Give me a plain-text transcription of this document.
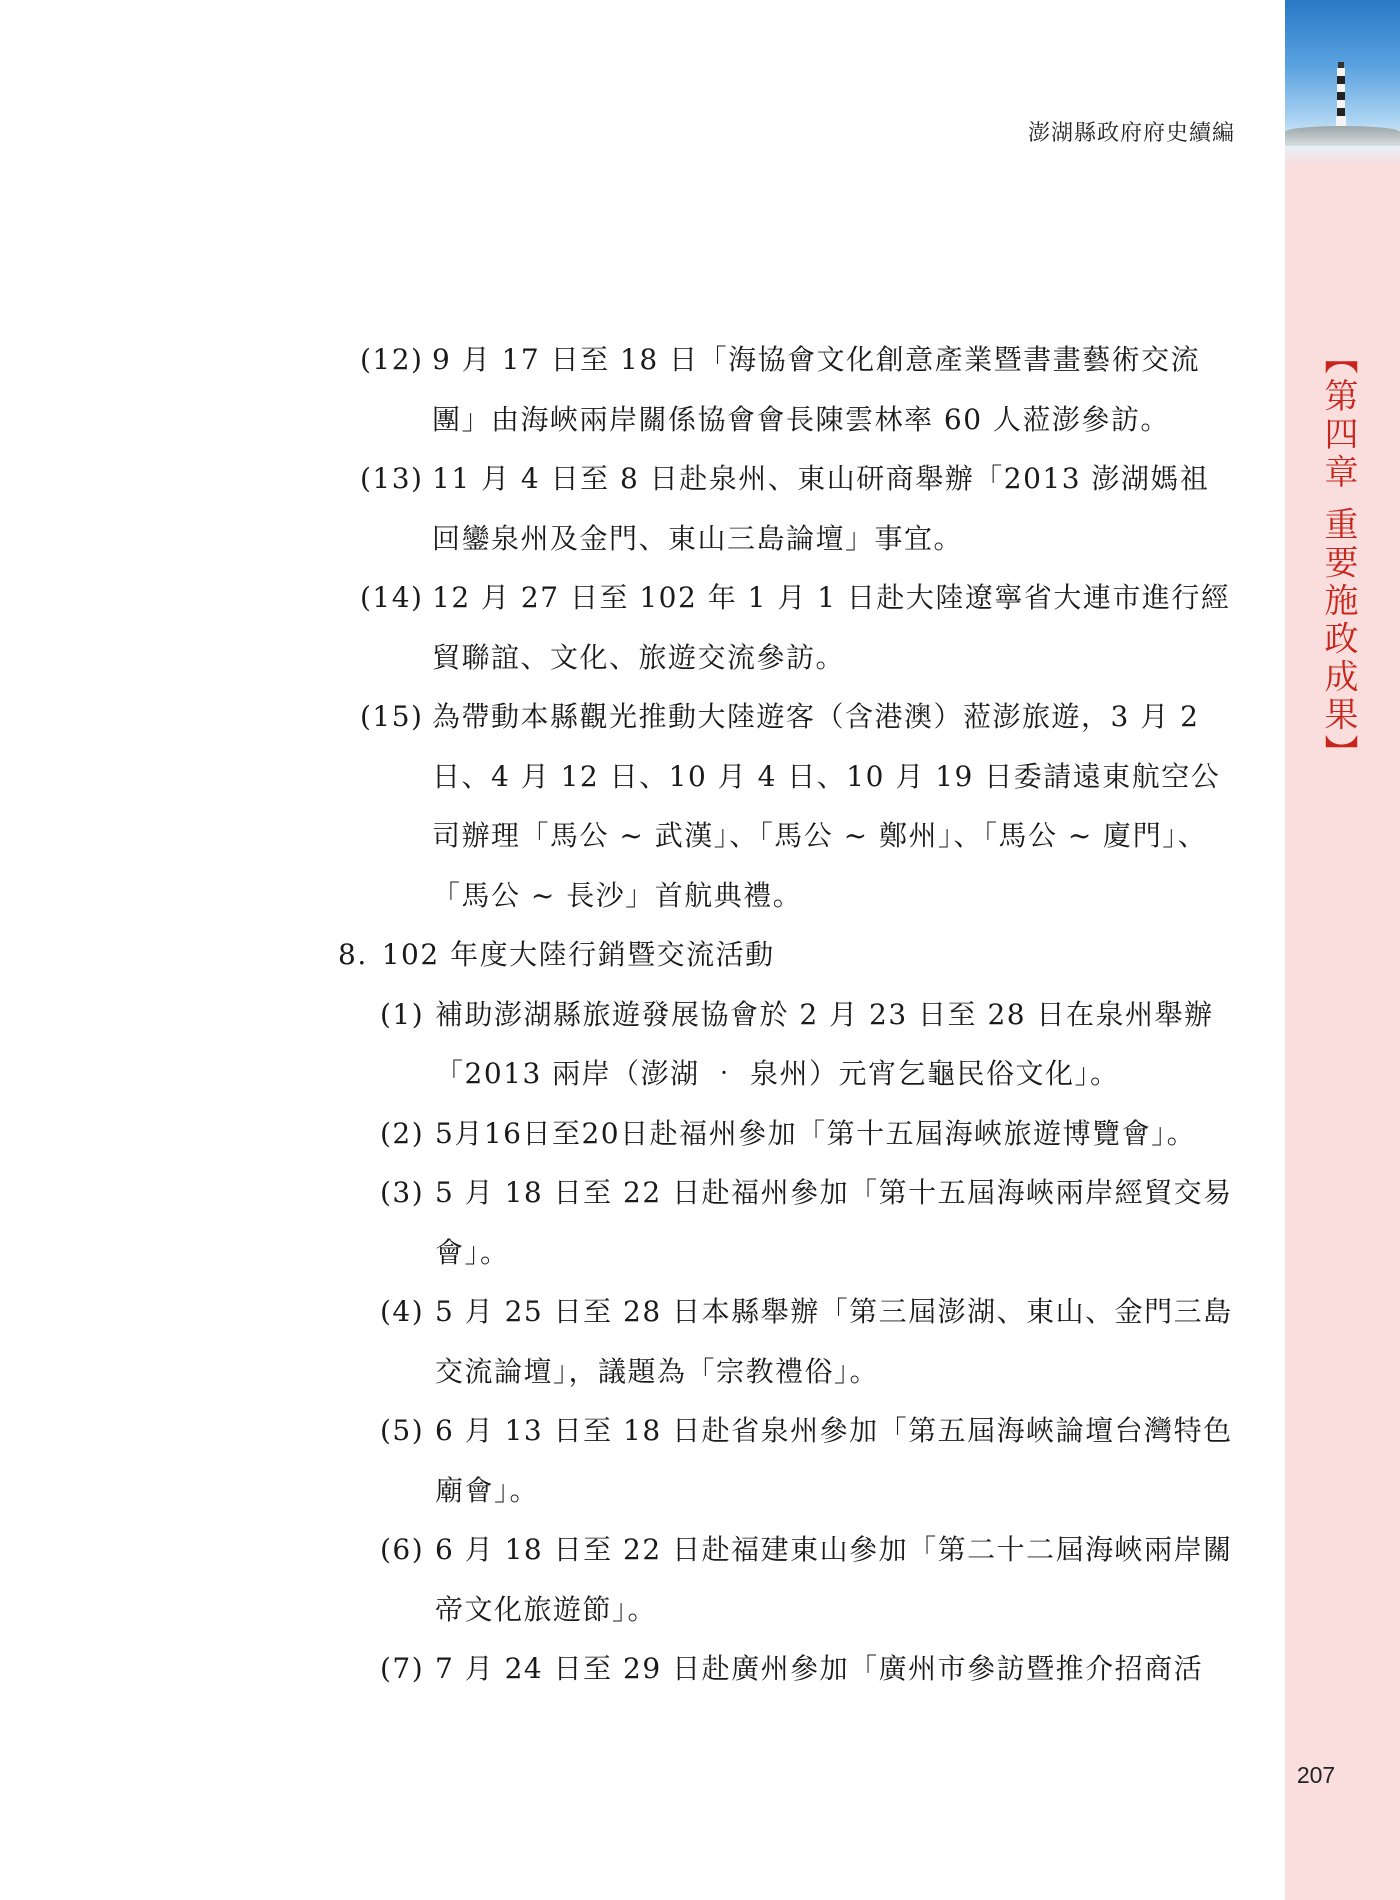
澎湖縣政府府史續編
【第四章 重要施政成果】
207

(12) 9 月 17 日至 18 日「海協會文化創意產業暨書畫藝術交流團」由海峽兩岸關係協會會長陳雲林率 60 人蒞澎參訪。

(13) 11 月 4 日至 8 日赴泉州、東山研商舉辦「2013 澎湖媽祖回鑾泉州及金門、東山三島論壇」事宜。

(14) 12 月 27 日至 102 年 1 月 1 日赴大陸遼寧省大連市進行經貿聯誼、文化、旅遊交流參訪。

(15) 為帶動本縣觀光推動大陸遊客（含港澳）蒞澎旅遊，3 月 2 日、4 月 12 日、10 月 4 日、10 月 19 日委請遠東航空公司辦理「馬公 ~ 武漢」、「馬公 ~ 鄭州」、「馬公 ~ 廈門」、「馬公 ~ 長沙」首航典禮。

8. 102 年度大陸行銷暨交流活動

(1) 補助澎湖縣旅遊發展協會於 2 月 23 日至 28 日在泉州舉辦「2013 兩岸（澎湖 ‧ 泉州）元宵乞龜民俗文化」。

(2) 5月16日至20日赴福州參加「第十五屆海峽旅遊博覽會」。

(3) 5 月 18 日至 22 日赴福州參加「第十五屆海峽兩岸經貿交易會」。

(4) 5 月 25 日至 28 日本縣舉辦「第三屆澎湖、東山、金門三島交流論壇」，議題為「宗教禮俗」。

(5) 6 月 13 日至 18 日赴省泉州參加「第五屆海峽論壇台灣特色廟會」。

(6) 6 月 18 日至 22 日赴福建東山參加「第二十二屆海峽兩岸關帝文化旅遊節」。

(7) 7 月 24 日至 29 日赴廣州參加「廣州市參訪暨推介招商活
